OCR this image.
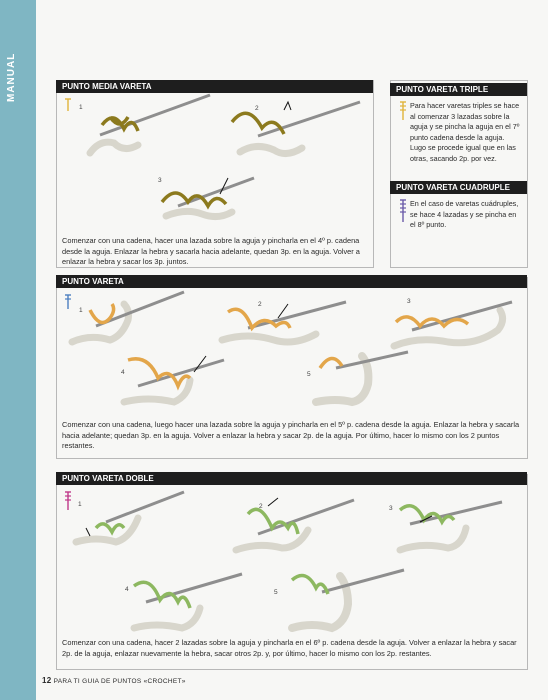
MANUAL	PUNTO MEDIA VARETA
1	2
3
Comenzar con una cadena, hacer una lazada sobre la aguja y pincharla en el 4º p. cadena desde la aguja. Enlazar la hebra y sacarla hacia adelante, quedan 3p. en la aguja. Volver a enlazar la hebra y sacar los 3p. juntos.
PUNTO VARETA TRIPLE
Para hacer varetas triples se hace al comenzar 3 lazadas sobre la aguja y se pincha la aguja en el 7º punto cadena desde la aguja. Lugo se procede igual que en las otras, sacando 2p. por vez.
PUNTO VARETA CUADRUPLE
En el caso de varetas cuádruples, se hace 4 lazadas y se pincha en el 8º punto.
PUNTO VARETA
1
2	3
4	5
Comenzar con una cadena, luego hacer una lazada sobre la aguja y pincharla en el 5º p. cadena desde la aguja. Enlazar la hebra y sacarla hacia adelante; quedan 3p. en la aguja. Volver a enlazar la hebra y sacar 2p. de la aguja. Por último, hacer lo mismo con los 2 puntos restantes.
PUNTO VARETA DOBLE
1	2	3
4	5
Comenzar con una cadena, hacer 2 lazadas sobre la aguja y pincharla en el 6º p. cadena desde la aguja. Volver a enlazar la hebra y sacar 2p. de la aguja, enlazar nuevamente la hebra, sacar otros 2p. y, por último, hacer lo mismo con los 2p. restantes.
12 PARA TI GUIA DE PUNTOS «CROCHET»
